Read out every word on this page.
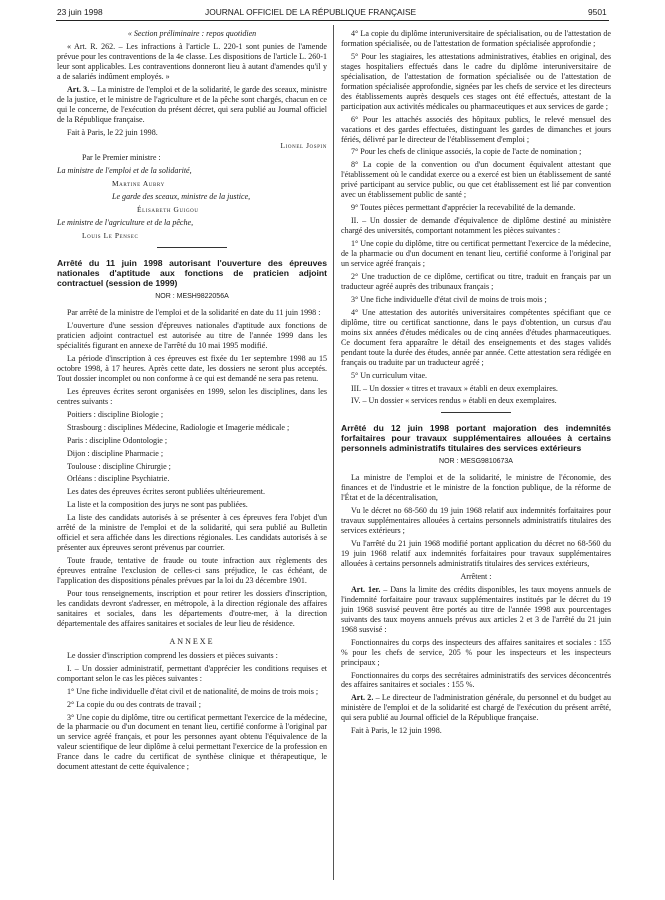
23 juin 1998	JOURNAL OFFICIEL DE LA RÉPUBLIQUE FRANÇAISE	9501

« Section préliminaire : repos quotidien

« Art. R. 262. – Les infractions à l'article L. 220-1 sont punies de l'amende prévue pour les contraventions de la 4e classe. Les dispositions de l'article L. 260-1 leur sont applicables. Les contraventions donneront lieu à autant d'amendes qu'il y a de salariés indûment employés. »

Art. 3. – La ministre de l'emploi et de la solidarité, le garde des sceaux, ministre de la justice, et le ministre de l'agriculture et de la pêche sont chargés, chacun en ce qui le concerne, de l'exécution du présent décret, qui sera publié au Journal officiel de la République française.

Fait à Paris, le 22 juin 1998.

Lionel Jospin

Par le Premier ministre :

La ministre de l'emploi et de la solidarité,

Martine Aubry

Le garde des sceaux, ministre de la justice,

Élisabeth Guigou

Le ministre de l'agriculture et de la pêche,

Louis Le Pensec

Arrêté du 11 juin 1998 autorisant l'ouverture des épreuves nationales d'aptitude aux fonctions de praticien adjoint contractuel (session de 1999)
NOR : MESH9822056A

Par arrêté de la ministre de l'emploi et de la solidarité en date du 11 juin 1998 :

L'ouverture d'une session d'épreuves nationales d'aptitude aux fonctions de praticien adjoint contractuel est autorisée au titre de l'année 1999 dans les spécialités figurant en annexe de l'arrêté du 10 mai 1995 modifié.

La période d'inscription à ces épreuves est fixée du 1er septembre 1998 au 15 octobre 1998, à 17 heures. Après cette date, les dossiers ne seront plus acceptés. Tout dossier incomplet ou non conforme à ce qui est demandé ne sera pas retenu.

Les épreuves écrites seront organisées en 1999, selon les disciplines, dans les centres suivants :

Poitiers : discipline Biologie ;

Strasbourg : disciplines Médecine, Radiologie et Imagerie médicale ;

Paris : discipline Odontologie ;

Dijon : discipline Pharmacie ;

Toulouse : discipline Chirurgie ;

Orléans : discipline Psychiatrie.

Les dates des épreuves écrites seront publiées ultérieurement.

La liste et la composition des jurys ne sont pas publiées.

La liste des candidats autorisés à se présenter à ces épreuves fera l'objet d'un arrêté de la ministre de l'emploi et de la solidarité, qui sera publié au Bulletin officiel et sera affichée dans les directions régionales. Les candidats autorisés à se présenter aux épreuves seront prévenus par courrier.

Toute fraude, tentative de fraude ou toute infraction aux règlements des épreuves entraîne l'exclusion de celles-ci sans préjudice, le cas échéant, de l'application des dispositions pénales prévues par la loi du 23 décembre 1901.

Pour tous renseignements, inscription et pour retirer les dossiers d'inscription, les candidats devront s'adresser, en métropole, à la direction régionale des affaires sanitaires et sociales, dans les départements d'outre-mer, à la direction départementale des affaires sanitaires et sociales de leur lieu de résidence.

ANNEXE

Le dossier d'inscription comprend les dossiers et pièces suivants :

I. – Un dossier administratif, permettant d'apprécier les conditions requises et comportant selon le cas les pièces suivantes :

1° Une fiche individuelle d'état civil et de nationalité, de moins de trois mois ;

2° La copie du ou des contrats de travail ;

3° Une copie du diplôme, titre ou certificat permettant l'exercice de la médecine, de la pharmacie ou d'un document en tenant lieu, certifié conforme à l'original par un service agréé français, et pour les personnes ayant obtenu l'équivalence de la valeur scientifique de leur diplôme à celui permettant l'exercice de la profession en France dans le cadre du certificat de synthèse clinique et thérapeutique, le document attestant de cette équivalence ;

4° La copie du diplôme interuniversitaire de spécialisation, ou de l'attestation de formation spécialisée, ou de l'attestation de formation spécialisée approfondie ;

5° Pour les stagiaires, les attestations administratives, établies en original, des stages hospitaliers effectués dans le cadre du diplôme interuniversitaire de spécialisation, de l'attestation de formation spécialisée ou de l'attestation de formation spécialisée approfondie, signées par les chefs de service et les directeurs des établissements auprès desquels ces stages ont été effectués, attestant de la participation aux activités médicales ou pharmaceutiques et aux services de garde ;

6° Pour les attachés associés des hôpitaux publics, le relevé mensuel des vacations et des gardes effectuées, distinguant les gardes de dimanches et jours fériés, délivré par le directeur de l'établissement d'emploi ;

7° Pour les chefs de clinique associés, la copie de l'acte de nomination ;

8° La copie de la convention ou d'un document équivalent attestant que l'établissement où le candidat exerce ou a exercé est bien un établissement de santé privé participant au service public, ou que cet établissement est lié par convention avec un établissement public de santé ;

9° Toutes pièces permettant d'apprécier la recevabilité de la demande.

II. – Un dossier de demande d'équivalence de diplôme destiné au ministère chargé des universités, comportant notamment les pièces suivantes :

1° Une copie du diplôme, titre ou certificat permettant l'exercice de la médecine, de la pharmacie ou d'un document en tenant lieu, certifié conforme à l'original par un service agréé français ;

2° Une traduction de ce diplôme, certificat ou titre, traduit en français par un traducteur agréé auprès des tribunaux français ;

3° Une fiche individuelle d'état civil de moins de trois mois ;

4° Une attestation des autorités universitaires compétentes spécifiant que ce diplôme, titre ou certificat sanctionne, dans le pays d'obtention, un cursus d'au moins six années d'études médicales ou de cinq années d'études pharmaceutiques. Ce document fera apparaître le détail des enseignements et des stages validés pendant toute la durée des études, année par année. Cette attestation sera rédigée en français ou traduite par un traducteur agréé ;

5° Un curriculum vitae.

III. – Un dossier « titres et travaux » établi en deux exemplaires.

IV. – Un dossier « services rendus » établi en deux exemplaires.

Arrêté du 12 juin 1998 portant majoration des indemnités forfaitaires pour travaux supplémentaires allouées à certains personnels administratifs titulaires des services extérieurs
NOR : MESG9810673A

La ministre de l'emploi et de la solidarité, le ministre de l'économie, des finances et de l'industrie et le ministre de la fonction publique, de la réforme de l'État et de la décentralisation,

Vu le décret no 68-560 du 19 juin 1968 relatif aux indemnités forfaitaires pour travaux supplémentaires allouées à certains personnels administratifs titulaires des services extérieurs ;

Vu l'arrêté du 21 juin 1968 modifié portant application du décret no 68-560 du 19 juin 1968 relatif aux indemnités forfaitaires pour travaux supplémentaires allouées à certains personnels administratifs titulaires des services extérieurs,

Arrêtent :

Art. 1er. – Dans la limite des crédits disponibles, les taux moyens annuels de l'indemnité forfaitaire pour travaux supplémentaires institués par le décret du 19 juin 1968 susvisé peuvent être portés au titre de l'année 1998 aux pourcentages suivants des taux moyens annuels prévus aux articles 2 et 3 de l'arrêté du 21 juin 1968 susvisé :

Fonctionnaires du corps des inspecteurs des affaires sanitaires et sociales : 155 % pour les chefs de service, 205 % pour les inspecteurs et les inspecteurs principaux ;

Fonctionnaires du corps des secrétaires administratifs des services déconcentrés des affaires sanitaires et sociales : 155 %.

Art. 2. – Le directeur de l'administration générale, du personnel et du budget au ministère de l'emploi et de la solidarité est chargé de l'exécution du présent arrêté, qui sera publié au Journal officiel de la République française.

Fait à Paris, le 12 juin 1998.
